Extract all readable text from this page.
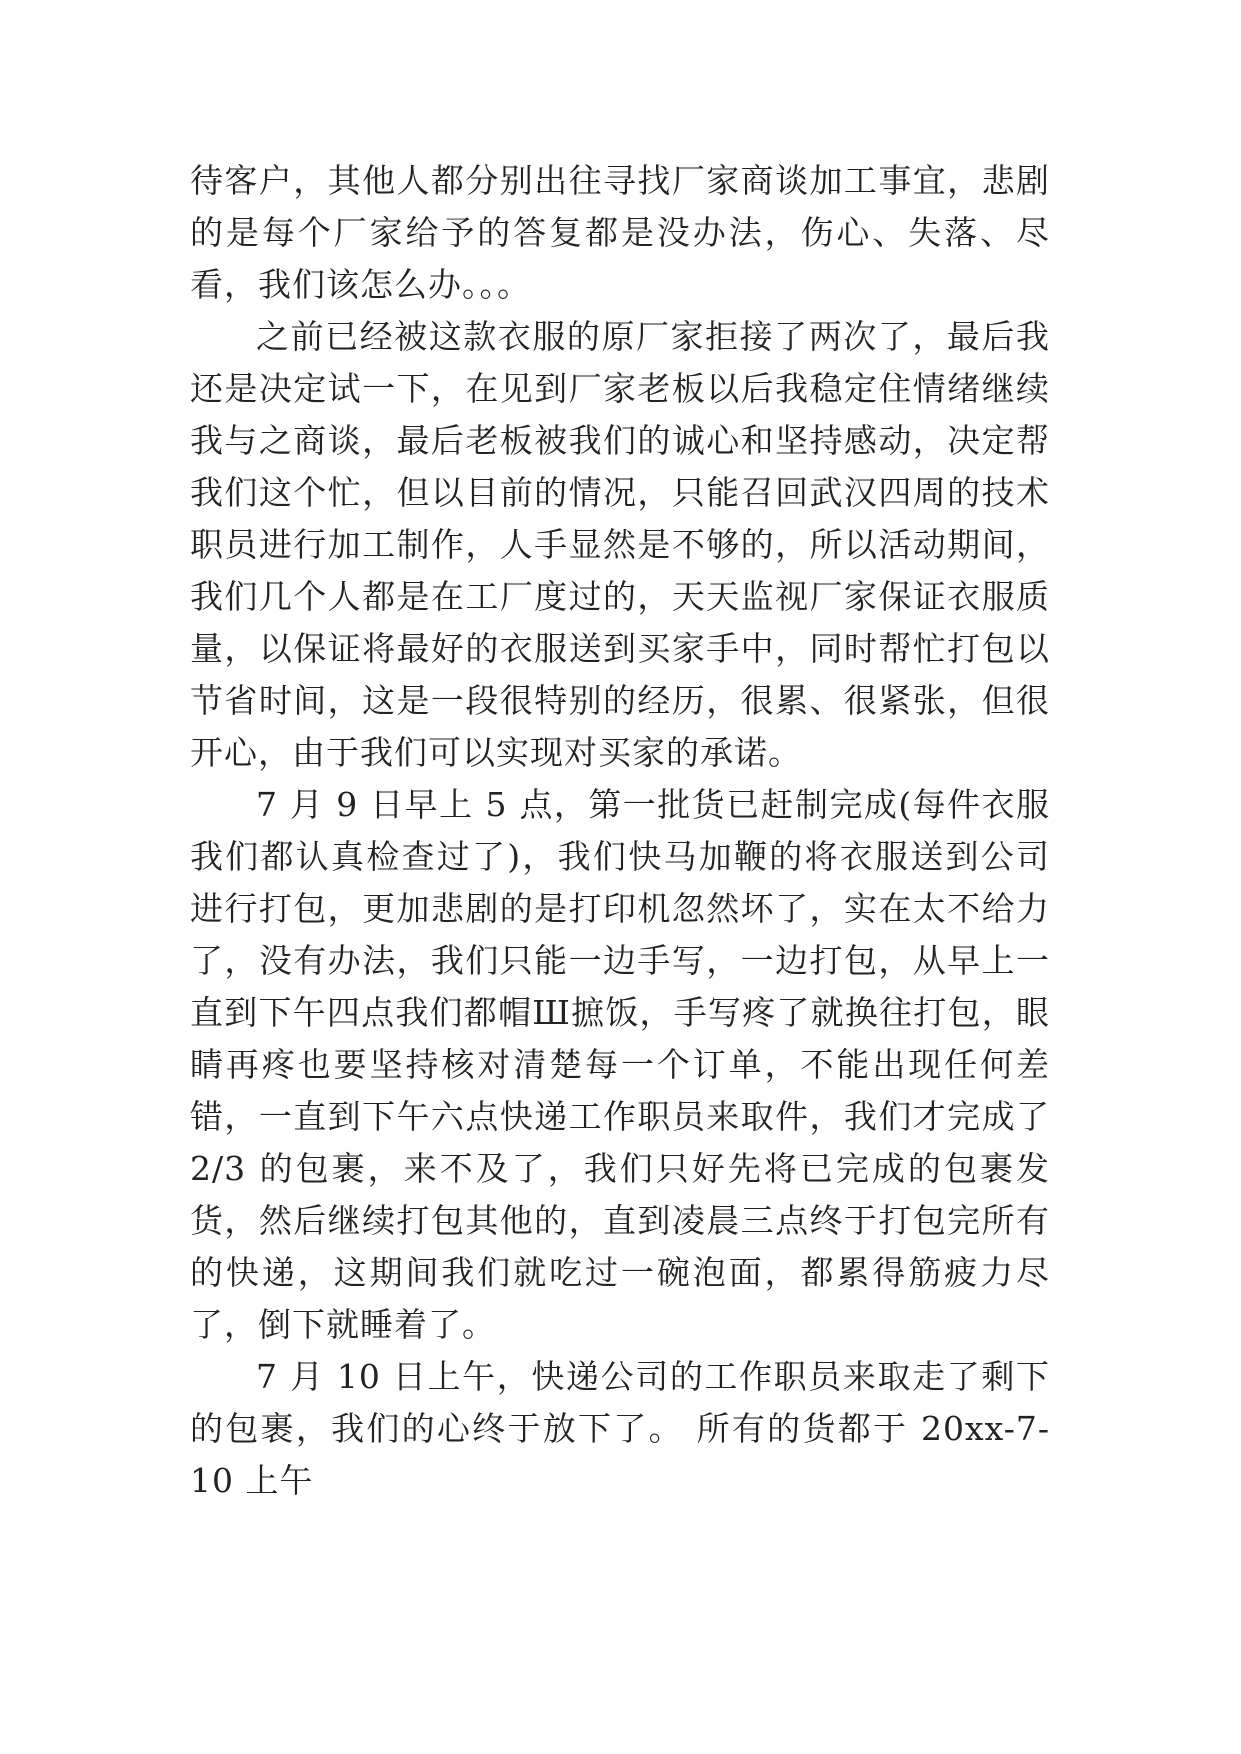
待客户，其他人都分别出往寻找厂家商谈加工事宜，悲剧的是每个厂家给予的答复都是没办法，伤心、失落、尽看，我们该怎么办。。。

之前已经被这款衣服的原厂家拒接了两次了，最后我还是决定试一下，在见到厂家老板以后我稳定住情绪继续我与之商谈，最后老板被我们的诚心和坚持感动，决定帮我们这个忙，但以目前的情况，只能召回武汉四周的技术职员进行加工制作，人手显然是不够的，所以活动期间，我们几个人都是在工厂度过的，天天监视厂家保证衣服质量，以保证将最好的衣服送到买家手中，同时帮忙打包以节省时间，这是一段很特别的经历，很累、很紧张，但很开心，由于我们可以实现对买家的承诺。

7 月 9 日早上 5 点，第一批货已赶制完成(每件衣服我们都认真检查过了)，我们快马加鞭的将衣服送到公司进行打包，更加悲剧的是打印机忽然坏了，实在太不给力了，没有办法，我们只能一边手写，一边打包，从早上一直到下午四点我们都帽Ш摭饭，手写疼了就换往打包，眼睛再疼也要坚持核对清楚每一个订单，不能出现任何差错，一直到下午六点快递工作职员来取件，我们才完成了 2/3 的包裹，来不及了，我们只好先将已完成的包裹发货，然后继续打包其他的，直到凌晨三点终于打包完所有的快递，这期间我们就吃过一碗泡面，都累得筋疲力尽了，倒下就睡着了。

7 月 10 日上午，快递公司的工作职员来取走了剩下的包裹，我们的心终于放下了。 所有的货都于 20xx-7-10 上午
